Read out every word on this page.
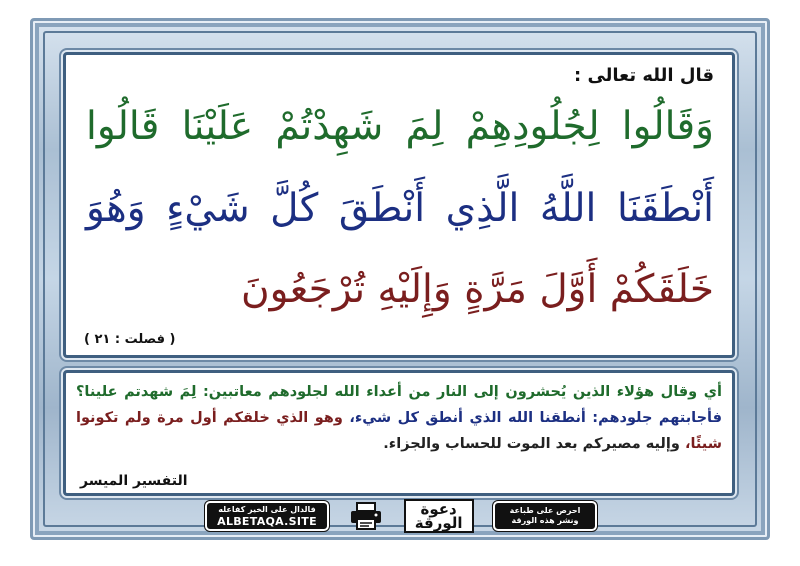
قال الله تعالى :
وَقَالُوا لِجُلُودِهِمْ لِمَ شَهِدْتُمْ عَلَيْنَا قَالُوا
أَنْطَقَنَا اللَّهُ الَّذِي أَنْطَقَ كُلَّ شَيْءٍ وَهُوَ
خَلَقَكُمْ أَوَّلَ مَرَّةٍ وَإِلَيْهِ تُرْجَعُونَ
( فصلت : ٢١ )
أي وقال هؤلاء الذين يُحشرون إلى النار من أعداء الله لجلودهم معاتبين: لِمَ شهدتم علينا؟ فأجابتهم جلودهم: أنطقنا الله الذي أنطق كل شيء، وهو الذي خلقكم أول مرة ولم تكونوا شيئًا، وإليه مصيركم بعد الموت للحساب والجزاء.
التفسير الميسر
فالدال على الخير كفاعله
ALBETAQA.SITE
دعوة الورقة
احرص على طباعة
ونشر هذه الورقة
